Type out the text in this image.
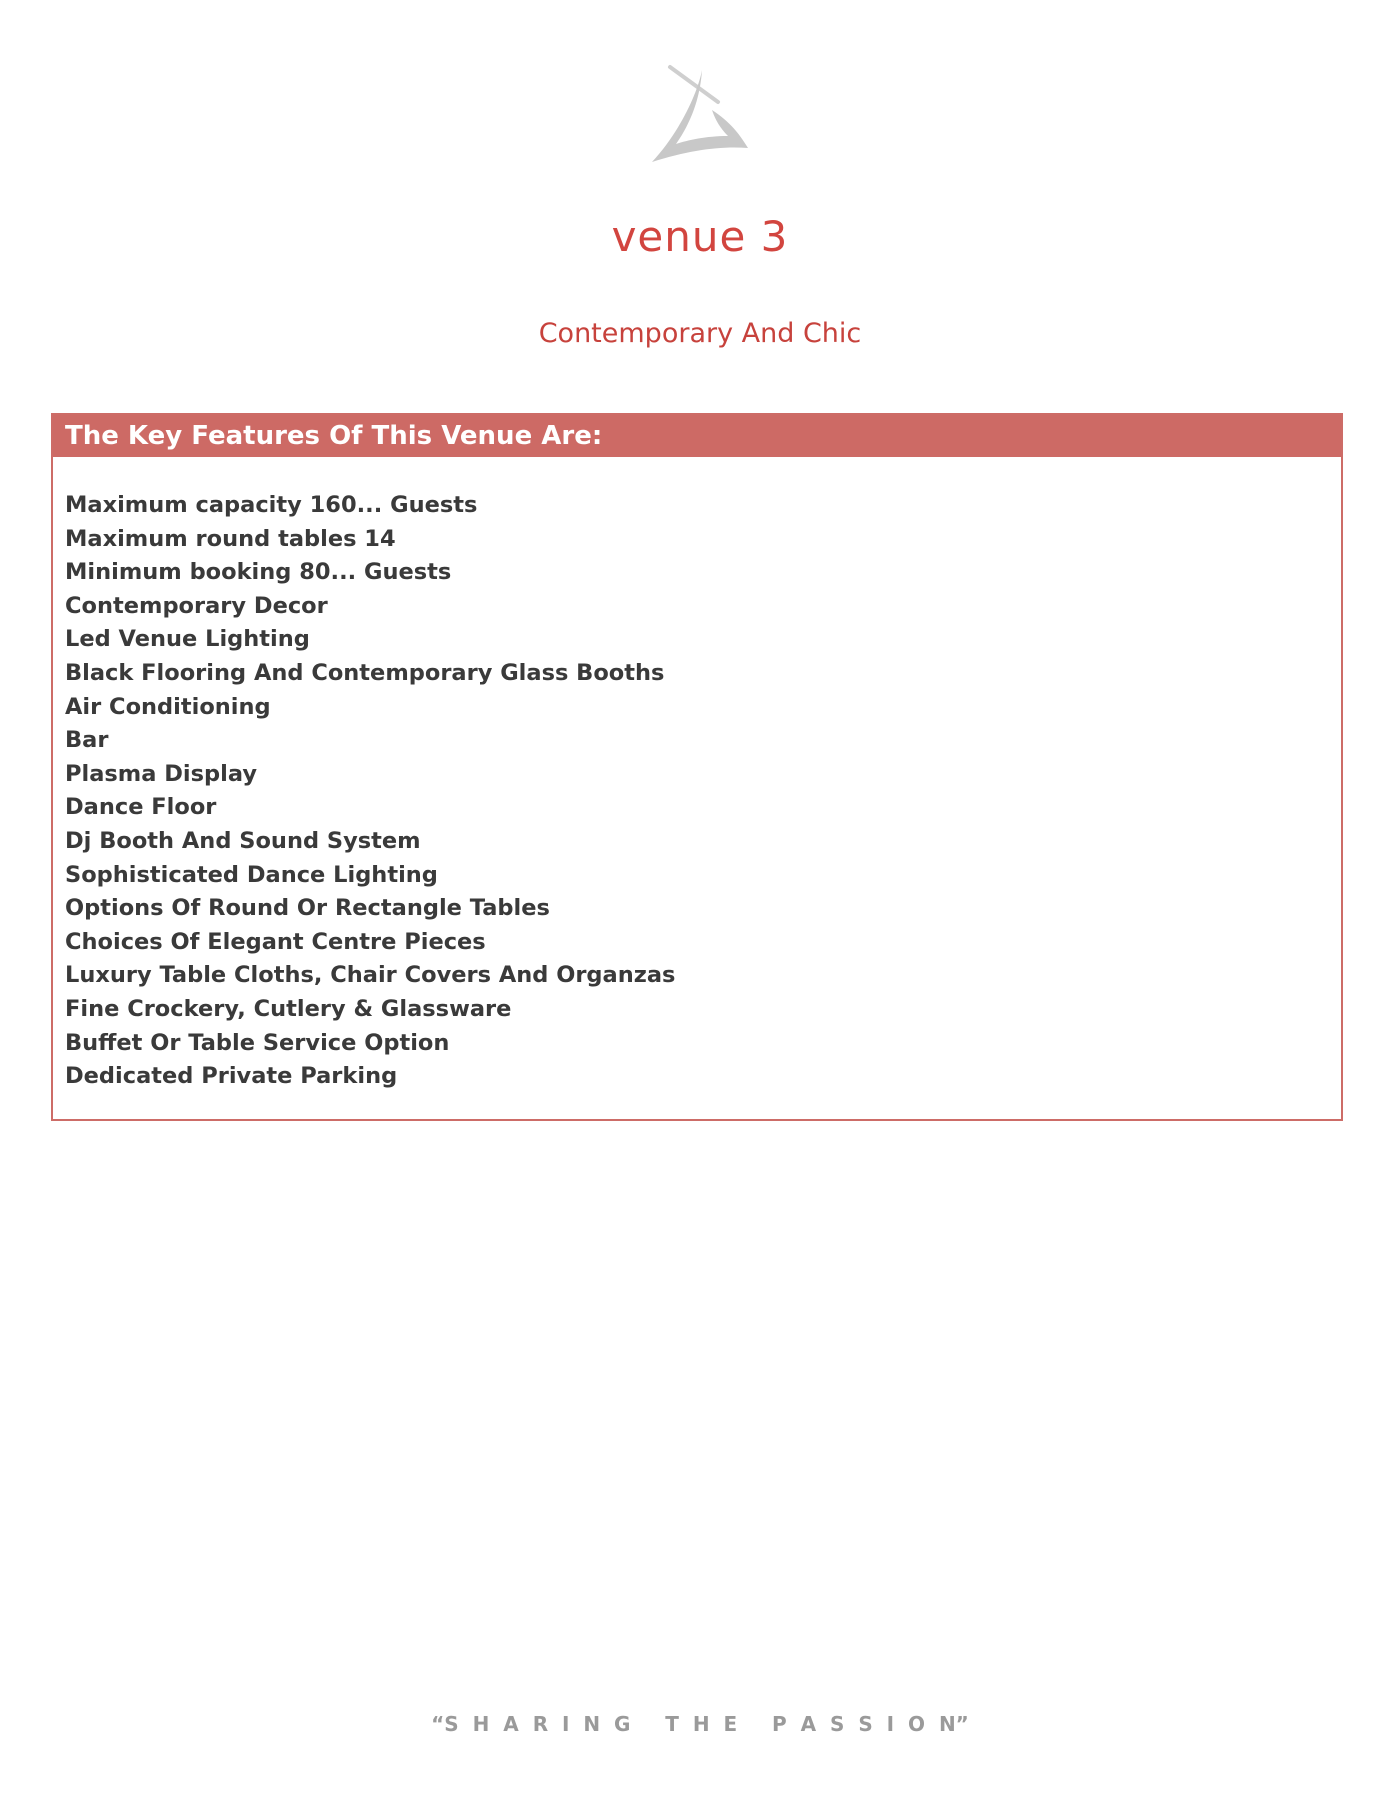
venue 3
Contemporary And Chic
The Key Features Of This Venue Are:
Maximum capacity 160... Guests
Maximum round tables 14
Minimum booking 80... Guests
Contemporary Decor
Led Venue Lighting
Black Flooring And Contemporary Glass Booths
Air Conditioning
Bar
Plasma Display
Dance Floor
Dj Booth And Sound System
Sophisticated Dance Lighting
Options Of Round Or Rectangle Tables
Choices Of Elegant Centre Pieces
Luxury Table Cloths, Chair Covers And Organzas
Fine Crockery, Cutlery & Glassware
Buffet Or Table Service Option
Dedicated Private Parking
“S  H  A  R  I  N  G     T  H  E     P  A  S  S  I  O  N”
